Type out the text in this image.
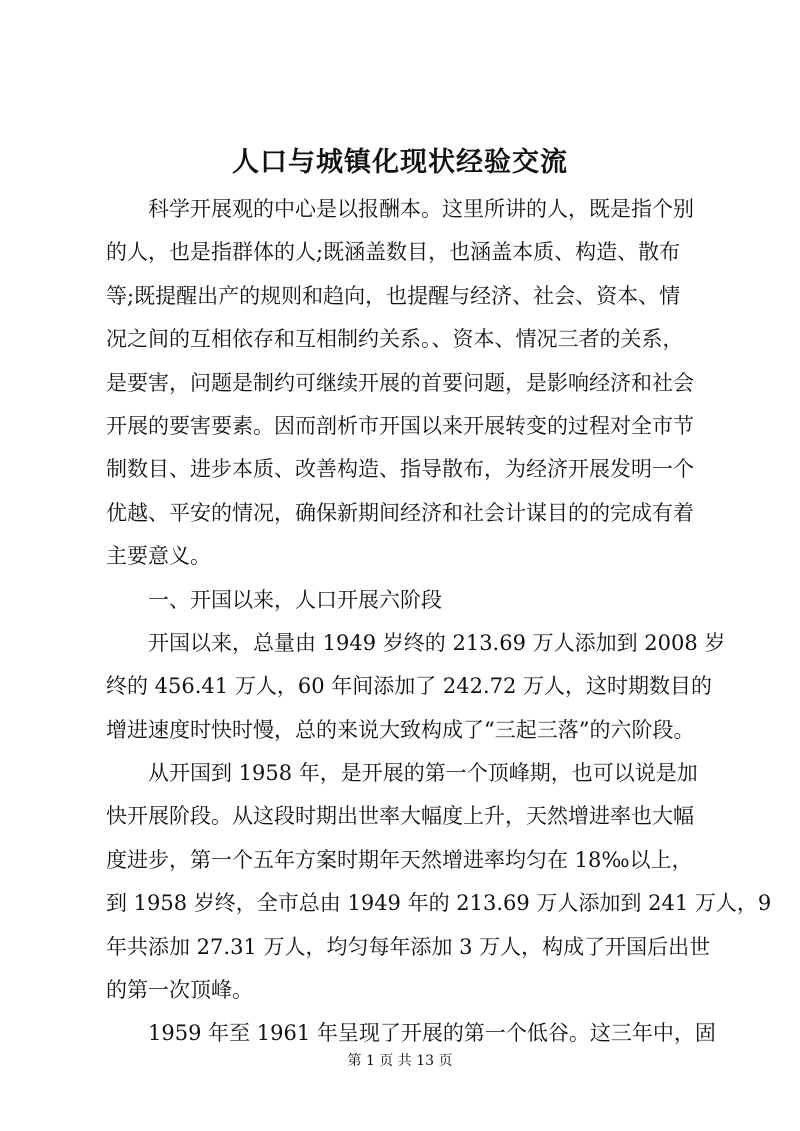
人口与城镇化现状经验交流

科学开展观的中心是以报酬本。这里所讲的人，既是指个别

的人，也是指群体的人;既涵盖数目，也涵盖本质、构造、散布

等;既提醒出产的规则和趋向，也提醒与经济、社会、资本、情

况之间的互相依存和互相制约关系。、资本、情况三者的关系，

是要害，问题是制约可继续开展的首要问题，是影响经济和社会

开展的要害要素。因而剖析市开国以来开展转变的过程对全市节

制数目、进步本质、改善构造、指导散布，为经济开展发明一个

优越、平安的情况，确保新期间经济和社会计谋目的的完成有着

主要意义。

一、开国以来，人口开展六阶段

开国以来，总量由 1949 岁终的 213.69 万人添加到 2008 岁

终的 456.41 万人，60 年间添加了 242.72 万人，这时期数目的

增进速度时快时慢，总的来说大致构成了“三起三落”的六阶段。

从开国到 1958 年，是开展的第一个顶峰期，也可以说是加

快开展阶段。从这段时期出世率大幅度上升，天然增进率也大幅

度进步，第一个五年方案时期年天然增进率均匀在 18‰以上，

到 1958 岁终，全市总由 1949 年的 213.69 万人添加到 241 万人，9

年共添加 27.31 万人，均匀每年添加 3 万人，构成了开国后出世

的第一次顶峰。

1959 年至 1961 年呈现了开展的第一个低谷。这三年中，固

第 1 页 共 13 页
